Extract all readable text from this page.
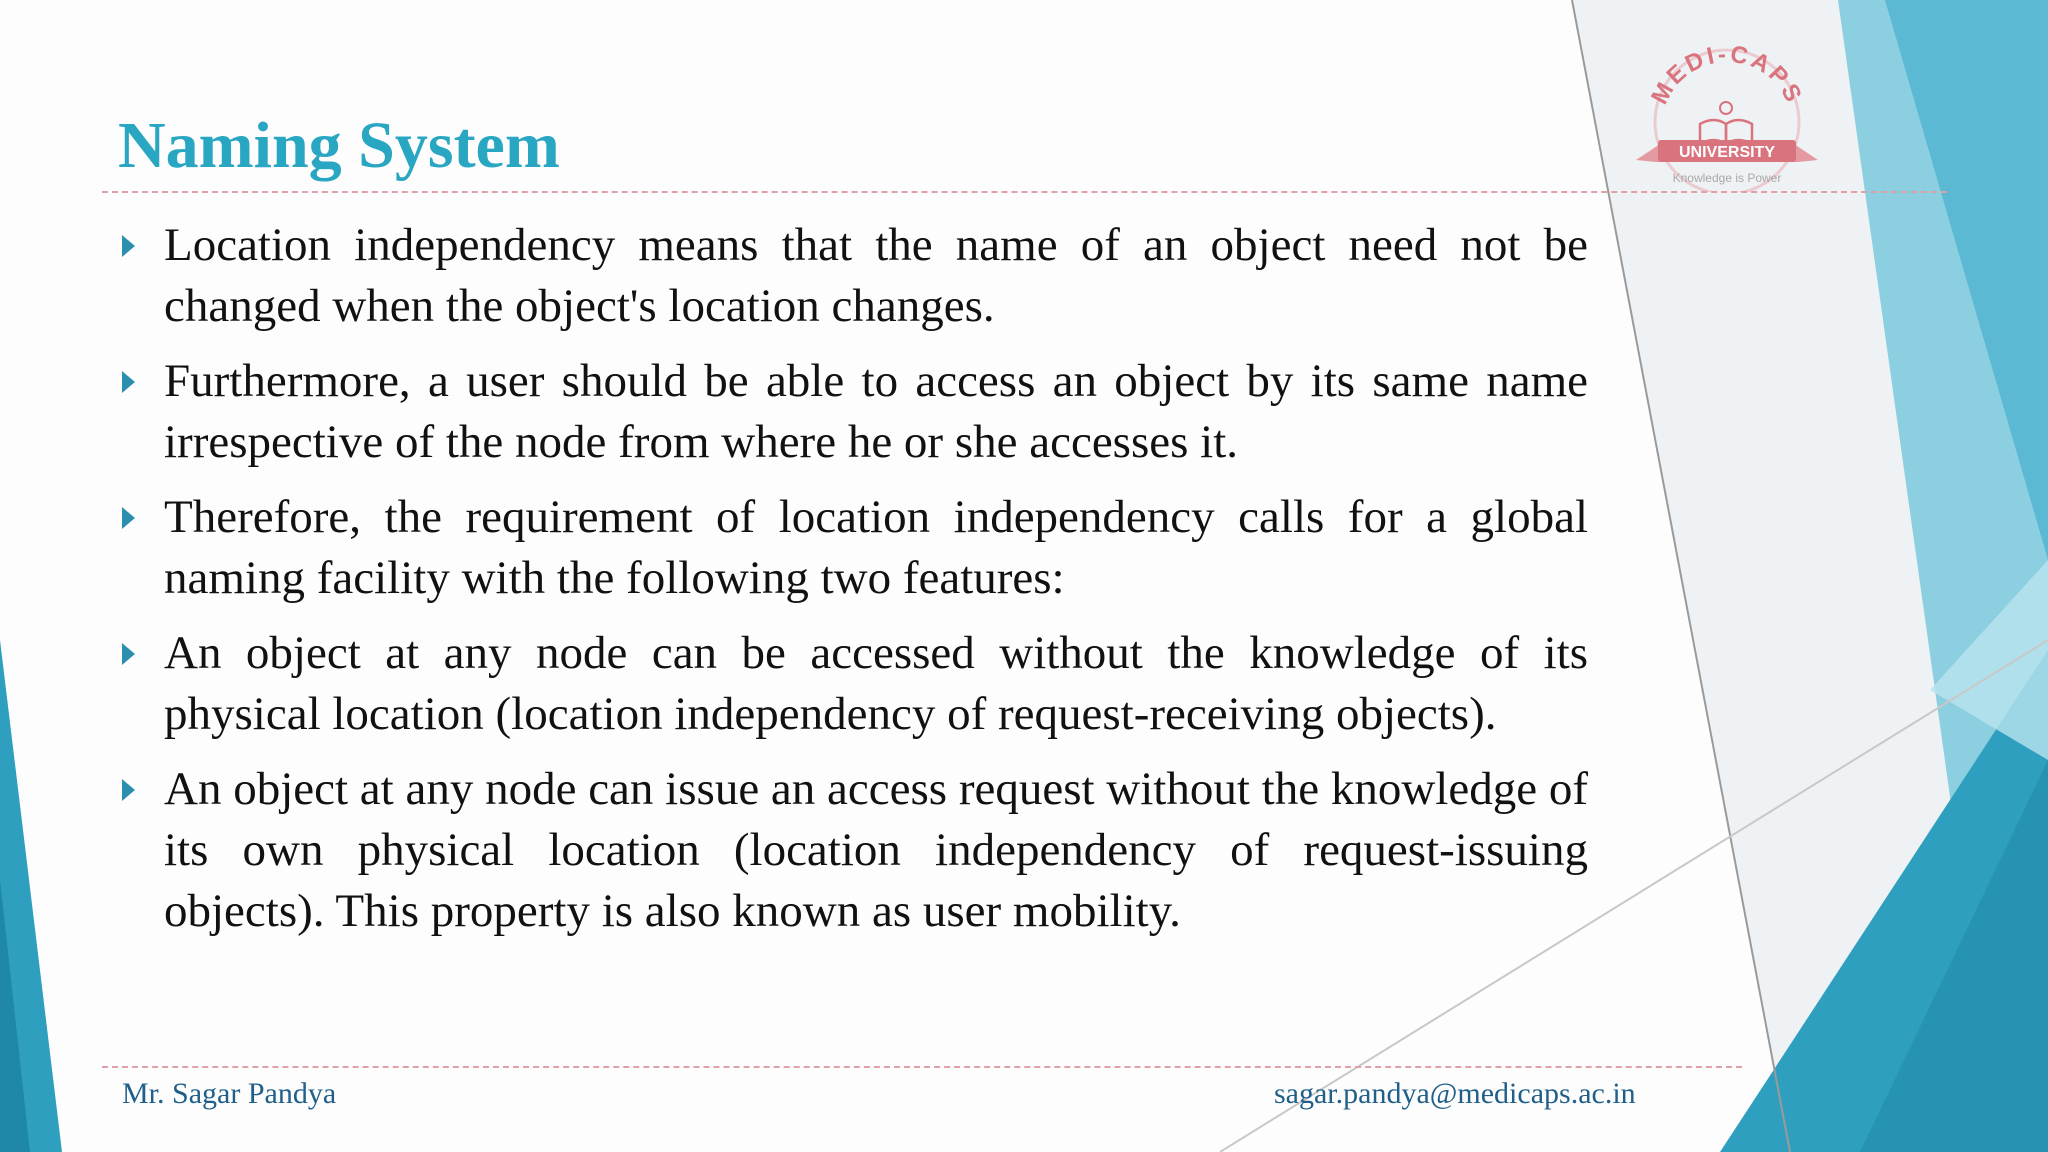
MEDI-CAPS
UNIVERSITY
Knowledge is Power
Naming System
Location independency means that the name of an object need not be changed when the object's location changes.
Furthermore, a user should be able to access an object by its same name irrespective of the node from where he or she accesses it.
Therefore, the requirement of location independency calls for a global naming facility with the following two features:
An object at any node can be accessed without the knowledge of its physical location (location independency of request-receiving objects).
An object at any node can issue an access request without the knowledge of its own physical location (location independency of request-issuing objects). This property is also known as user mobility.
Mr. Sagar Pandya	sagar.pandya@medicaps.ac.in
